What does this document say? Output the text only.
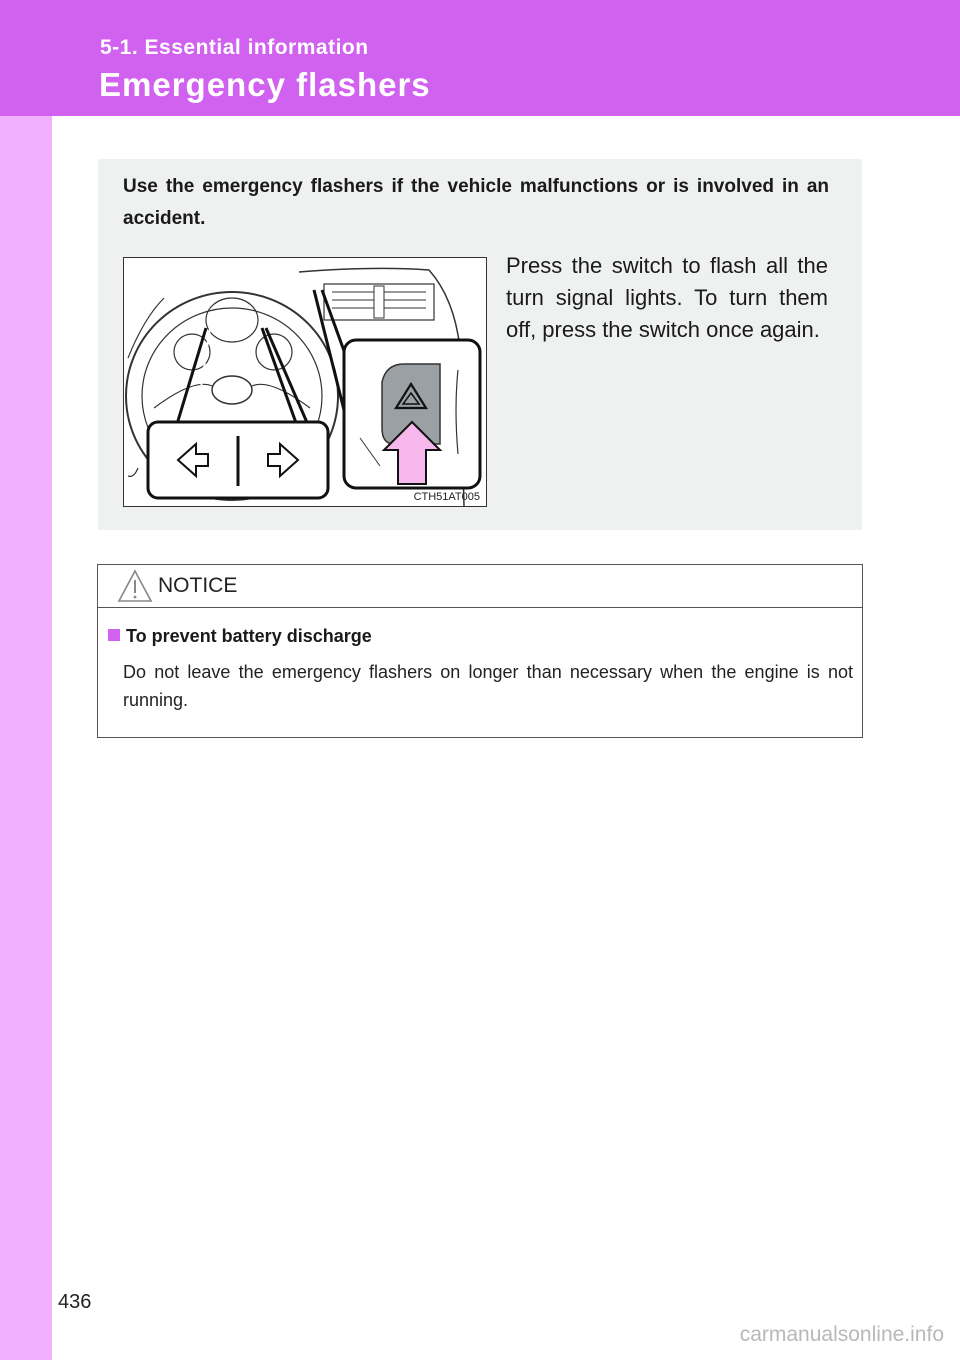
5-1. Essential information
Emergency flashers
Use the emergency flashers if the vehicle malfunctions or is involved in an accident.
CTH51AT005
Press the switch to flash all the turn signal lights. To turn them off, press the switch once again.
NOTICE
To prevent battery discharge
Do not leave the emergency flashers on longer than necessary when the engine is not running.
436
carmanualsonline.info
